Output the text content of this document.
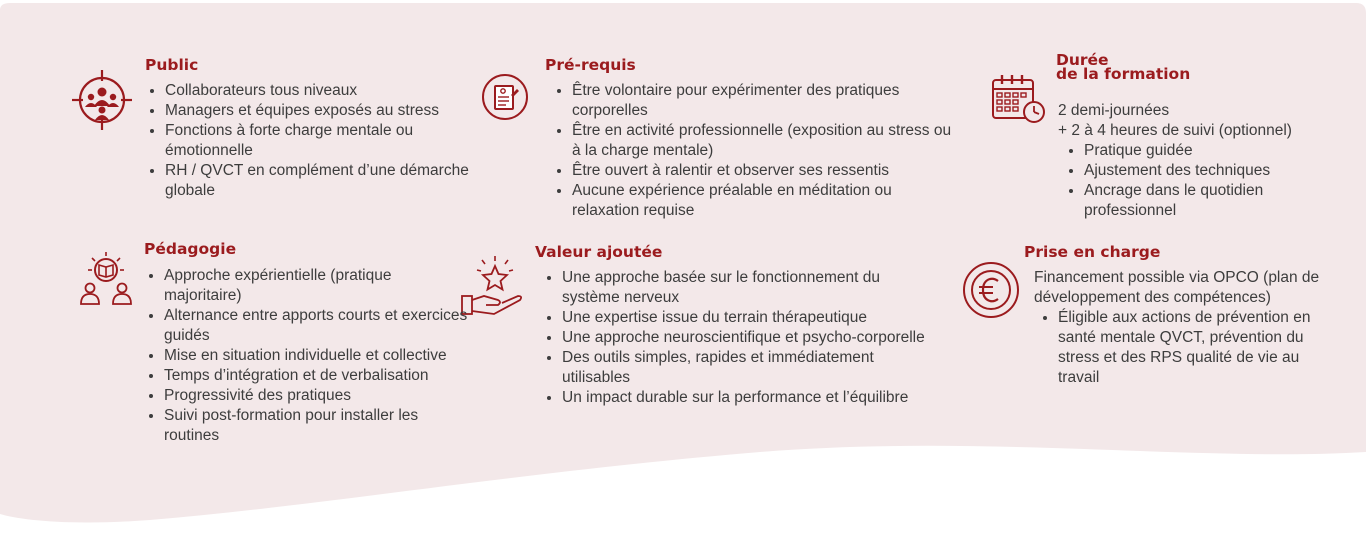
Public
• Collaborateurs tous niveaux
• Managers et équipes exposés au stress
• Fonctions à forte charge mentale ou émotionnelle
• RH / QVCT en complément d’une démarche globale
Pré-requis
• Être volontaire pour expérimenter des pratiques corporelles
• Être en activité professionnelle (exposition au stress ou à la charge mentale)
• Être ouvert à ralentir et observer ses ressentis
• Aucune expérience préalable en méditation ou relaxation requise
Durée
de la formation
2 demi-journées
+ 2 à 4 heures de suivi (optionnel)
• Pratique guidée
• Ajustement des techniques
• Ancrage dans le quotidien professionnel
Pédagogie
• Approche expérientielle (pratique majoritaire)
• Alternance entre apports courts et exercices guidés
• Mise en situation individuelle et collective
• Temps d’intégration et de verbalisation
• Progressivité des pratiques
• Suivi post-formation pour installer les routines
Valeur ajoutée
• Une approche basée sur le fonctionnement du système nerveux
• Une expertise issue du terrain thérapeutique
• Une approche neuroscientifique et psycho-corporelle
• Des outils simples, rapides et immédiatement utilisables
• Un impact durable sur la performance et l’équilibre
Prise en charge
Financement possible via OPCO (plan de développement des compétences)
• Éligible aux actions de prévention en santé mentale QVCT, prévention du stress et des RPS qualité de vie au travail
